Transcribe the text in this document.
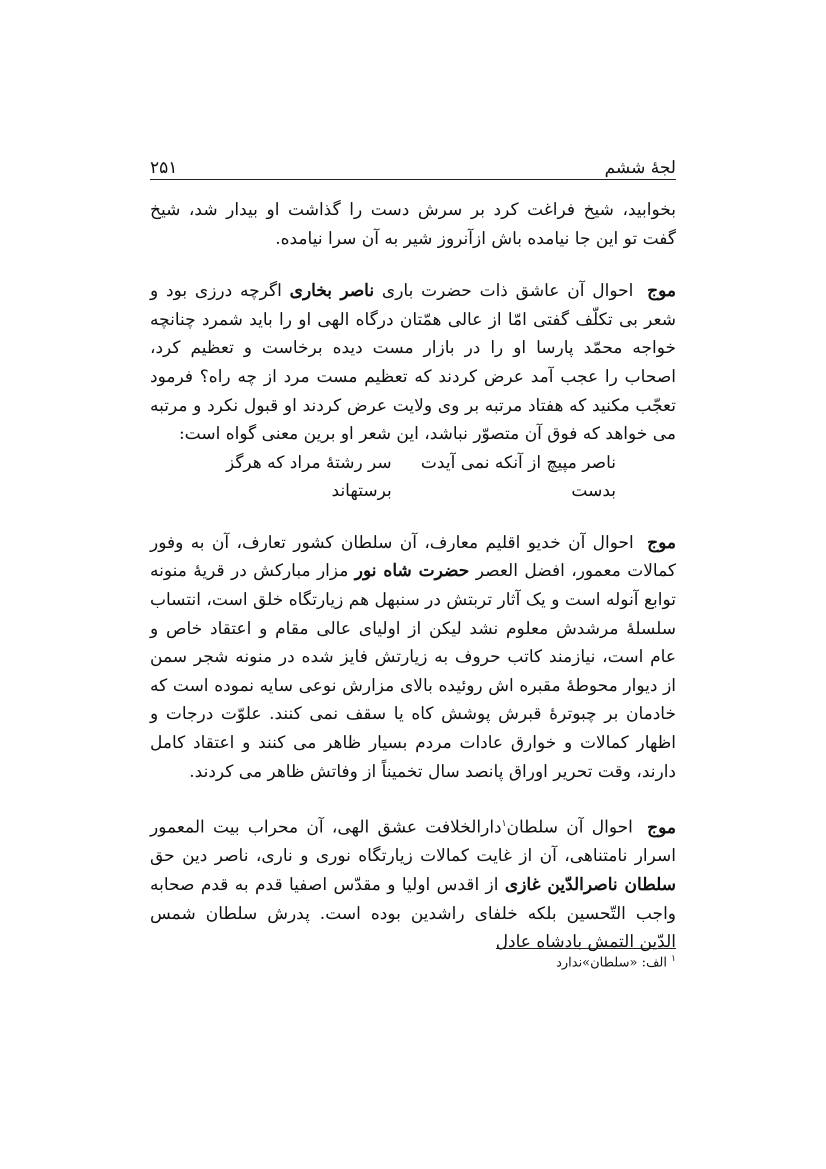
لجۀ ششم
۲۵۱

بخوابید، شیخ فراغت کرد بر سرش دست را گذاشت او بیدار شد، شیخ گفت تو این جا نیامده باش ازآنروز شیر به آن سرا نیامده.

موج احوال آن عاشق ذات حضرت باری ناصر بخاری اگرچه درزی بود و شعر بی تکلّف گفتی امّا از عالی همّتان درگاه الهی او را باید شمرد چنانچه خواجه محمّد پارسا او را در بازار مست دیده برخاست و تعظیم کرد، اصحاب را عجب آمد عرض کردند که تعظیم مست مرد از چه راه؟ فرمود تعجّب مکنید که هفتاد مرتبه بر وی ولایت عرض کردند او قبول نکرد و مرتبه می خواهد که فوق آن متصوّر نباشد، این شعر او برین معنی گواه است:

ناصر مپیچ از آنکه نمی آیدت بدست
سر رشتۀ مراد که هرگز برستهاند

موج احوال آن خدیو اقلیم معارف، آن سلطان کشور تعارف، آن به وفور کمالات معمور، افضل العصر حضرت شاه نور مزار مبارکش در قریۀ منونه توابع آنوله است و یک آثار تربتش در سنبهل هم زیارتگاه خلق است، انتساب سلسلۀ مرشدش معلوم نشد لیکن از اولیای عالی مقام و اعتقاد خاص و عام است، نیازمند کاتب حروف به زیارتش فایز شده در منونه شجر سمن از دیوار محوطۀ مقبره اش روئیده بالای مزارش نوعی سایه نموده است که خادمان بر چبوترۀ قبرش پوشش کاه یا سقف نمی کنند. علوّت درجات و اظهار کمالات و خوارق عادات مردم بسیار ظاهر می کنند و اعتقاد کامل دارند، وقت تحریر اوراق پانصد سال تخمیناً از وفاتش ظاهر می کردند.

موج احوال آن سلطان$^۱$دارالخلافت عشق الهی، آن محراب بیت المعمور اسرار نامتناهی، آن از غایت کمالات زیارتگاه نوری و ناری، ناصر دین حق سلطان ناصرالدّین غازی از اقدس اولیا و مقدّس اصفیا قدم به قدم صحابه واجب التّحسین بلکه خلفای راشدین بوده است. پدرش سلطان شمس الدّین التمش بادشاه عادل

$^۱$ الف: «سلطان»ندارد
